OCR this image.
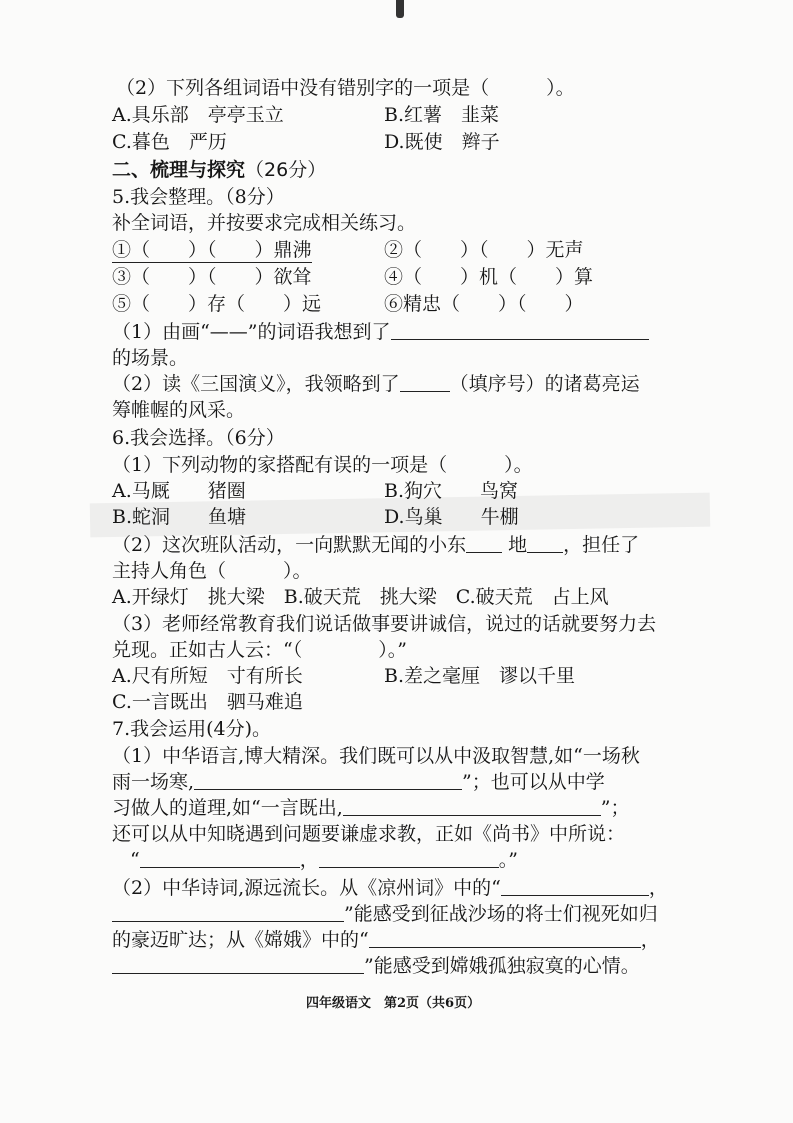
（2）下列各组词语中没有错别字的一项是（　　　）。
A.具乐部　亭亭玉立	B.红薯　韭菜
C.暮色　严历	D.既使　辫子
二、梳理与探究（26分）
5.我会整理。（8分）
补全词语，并按要求完成相关练习。
①（　　）（　　）鼎沸	②（　　）（　　）无声
③（　　）（　　）欲耸	④（　　）机（　　）算
⑤（　　）存（　　）远	⑥精忠（　　）（　　）
（1）由画“——”的词语我想到了
的场景。
（2）读《三国演义》，我领略到了	（填序号）的诸葛亮运
筹帷幄的风采。
6.我会选择。（6分）
（1）下列动物的家搭配有误的一项是（　　　）。
A.马厩　　猪圈	B.狗穴　　鸟窝
B.蛇洞　　鱼塘	D.鸟巢　　牛棚
（2）这次班队活动，一向默默无闻的小东 地 ，担任了
主持人角色（　　　）。
A.开绿灯　挑大梁　B.破天荒　挑大梁　C.破天荒　占上风
（3）老师经常教育我们说话做事要讲诚信，说过的话就要努力去
兑现。正如古人云：“（　　　　）。”
A.尺有所短　寸有所长	B.差之毫厘　谬以千里
C.一言既出　驷马难追
7.我会运用(4分)。
（1）中华语言,博大精深。我们既可以从中汲取智慧,如“一场秋
雨一场寒,	”；也可以从中学
习做人的道理,如“一言既出,	”；
还可以从中知晓遇到问题要谦虚求教，正如《尚书》中所说：
“	，	。”
（2）中华诗词,源远流长。从《凉州词》中的“	，
”能感受到征战沙场的将士们视死如归
的豪迈旷达；从《嫦娥》中的“	，
”能感受到嫦娥孤独寂寞的心情。
四年级语文　第2页（共6页）
